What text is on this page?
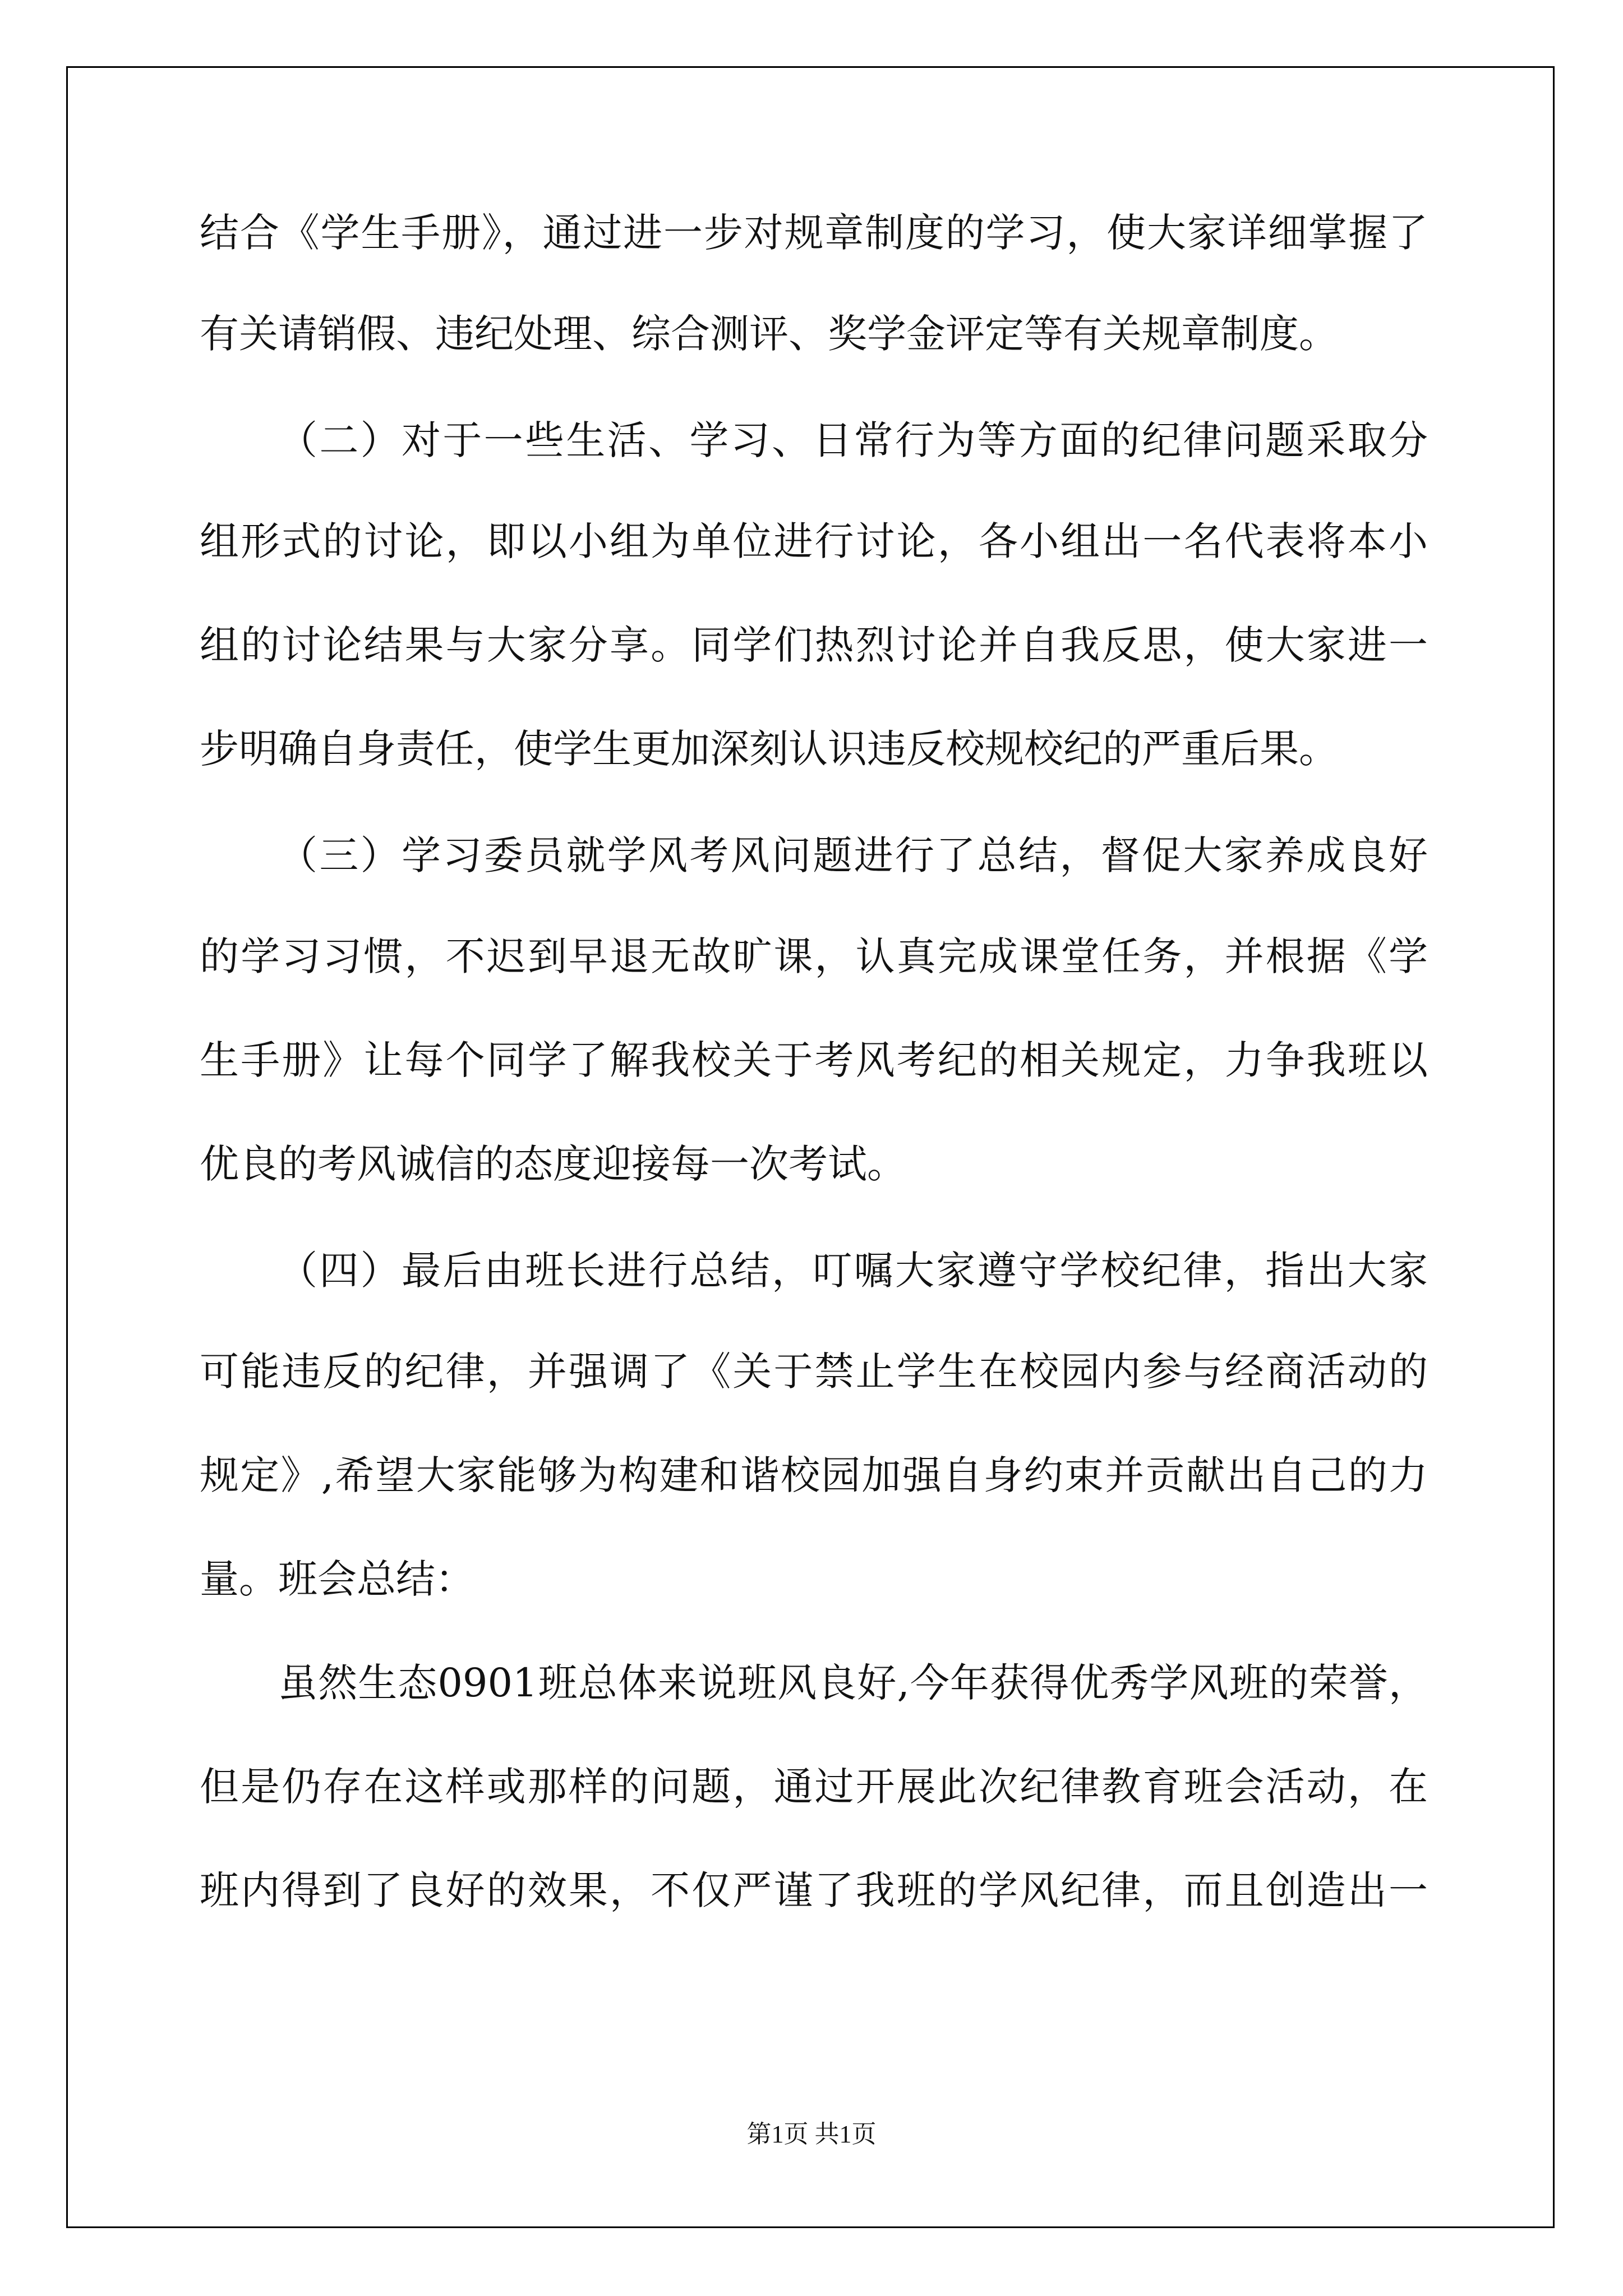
结合《学生手册》，通过进一步对规章制度的学习，使大家详细掌握了
有关请销假、违纪处理、综合测评、奖学金评定等有关规章制度。
（二）对于一些生活、学习、日常行为等方面的纪律问题采取分
组形式的讨论，即以小组为单位进行讨论，各小组出一名代表将本小
组的讨论结果与大家分享。同学们热烈讨论并自我反思，使大家进一
步明确自身责任，使学生更加深刻认识违反校规校纪的严重后果。
（三）学习委员就学风考风问题进行了总结，督促大家养成良好
的学习习惯，不迟到早退无故旷课，认真完成课堂任务，并根据《学
生手册》让每个同学了解我校关于考风考纪的相关规定，力争我班以
优良的考风诚信的态度迎接每一次考试。
（四）最后由班长进行总结，叮嘱大家遵守学校纪律，指出大家
可能违反的纪律，并强调了《关于禁止学生在校园内参与经商活动的
规定》,希望大家能够为构建和谐校园加强自身约束并贡献出自己的力
量。班会总结：
虽然生态0901班总体来说班风良好,今年获得优秀学风班的荣誉，
但是仍存在这样或那样的问题，通过开展此次纪律教育班会活动，在
班内得到了良好的效果，不仅严谨了我班的学风纪律，而且创造出一
第1页 共1页
